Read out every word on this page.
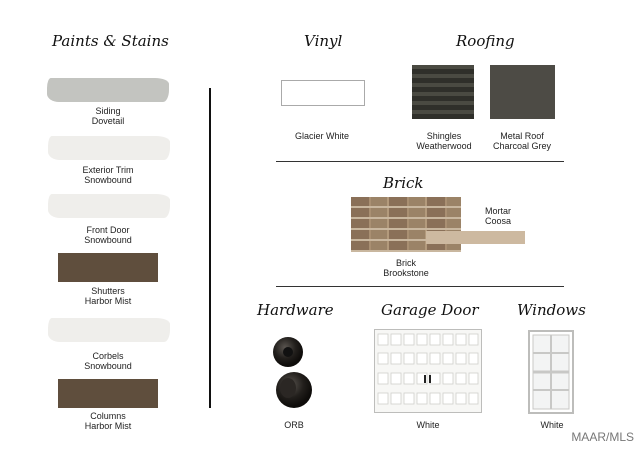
Paints & Stains	Vinyl	Roofing
Brick
Hardware	Garage Door	Windows
Siding
Dovetail
Exterior Trim
Snowbound
Front Door
Snowbound
Shutters
Harbor Mist
Corbels
Snowbound
Columns
Harbor Mist
Glacier White	Shingles
Weatherwood
Metal Roof
Charcoal Grey
Mortar
Coosa
Brick
Brookstone
ORB	White	White
MAAR/MLS
